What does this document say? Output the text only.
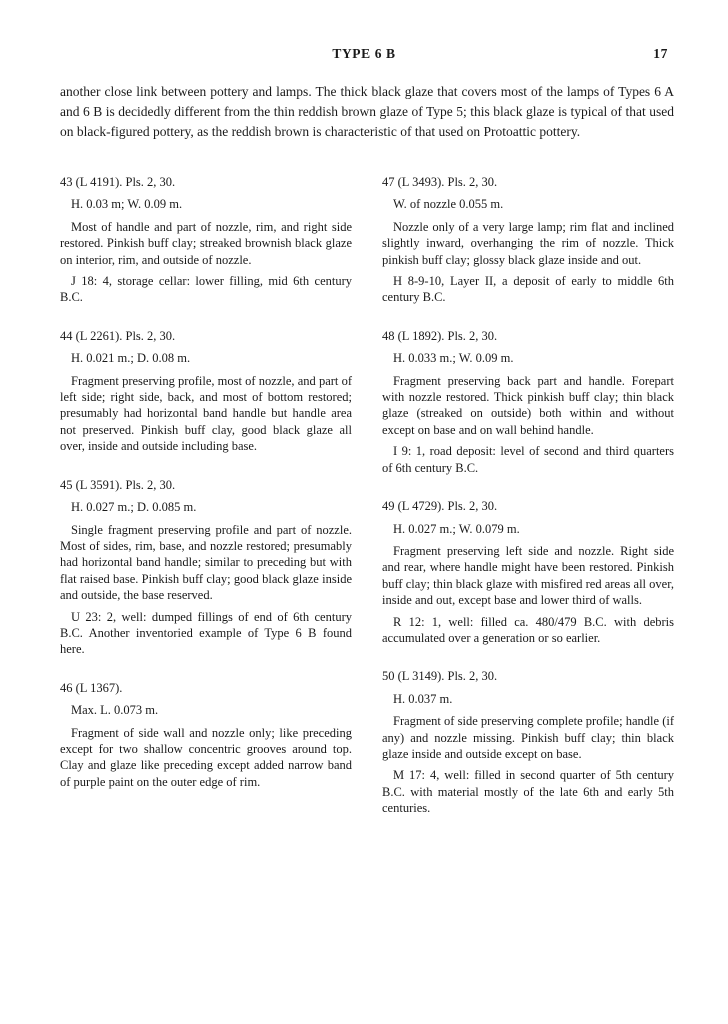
TYPE 6 B	17

another close link between pottery and lamps. The thick black glaze that covers most of the lamps of Types 6 A and 6 B is decidedly different from the thin reddish brown glaze of Type 5; this black glaze is typical of that used on black-figured pottery, as the reddish brown is characteristic of that used on Protoattic pottery.

43 (L 4191). Pls. 2, 30.

H. 0.03 m; W. 0.09 m.

Most of handle and part of nozzle, rim, and right side restored. Pinkish buff clay; streaked brownish black glaze on interior, rim, and outside of nozzle.

J 18: 4, storage cellar: lower filling, mid 6th century B.C.

44 (L 2261). Pls. 2, 30.

H. 0.021 m.; D. 0.08 m.

Fragment preserving profile, most of nozzle, and part of left side; right side, back, and most of bottom restored; presumably had horizontal band handle but handle area not preserved. Pinkish buff clay, good black glaze all over, inside and outside including base.

45 (L 3591). Pls. 2, 30.

H. 0.027 m.; D. 0.085 m.

Single fragment preserving profile and part of nozzle. Most of sides, rim, base, and nozzle restored; presumably had horizontal band handle; similar to preceding but with flat raised base. Pinkish buff clay; good black glaze inside and outside, the base reserved.

U 23: 2, well: dumped fillings of end of 6th century B.C. Another inventoried example of Type 6 B found here.

46 (L 1367).

Max. L. 0.073 m.

Fragment of side wall and nozzle only; like preceding except for two shallow concentric grooves around top. Clay and glaze like preceding except added narrow band of purple paint on the outer edge of rim.

47 (L 3493). Pls. 2, 30.

W. of nozzle 0.055 m.

Nozzle only of a very large lamp; rim flat and inclined slightly inward, overhanging the rim of nozzle. Thick pinkish buff clay; glossy black glaze inside and out.

H 8-9-10, Layer II, a deposit of early to middle 6th century B.C.

48 (L 1892). Pls. 2, 30.

H. 0.033 m.; W. 0.09 m.

Fragment preserving back part and handle. Forepart with nozzle restored. Thick pinkish buff clay; thin black glaze (streaked on outside) both within and without except on base and on wall behind handle.

I 9: 1, road deposit: level of second and third quarters of 6th century B.C.

49 (L 4729). Pls. 2, 30.

H. 0.027 m.; W. 0.079 m.

Fragment preserving left side and nozzle. Right side and rear, where handle might have been restored. Pinkish buff clay; thin black glaze with misfired red areas all over, inside and out, except base and lower third of walls.

R 12: 1, well: filled ca. 480/479 B.C. with debris accumulated over a generation or so earlier.

50 (L 3149). Pls. 2, 30.

H. 0.037 m.

Fragment of side preserving complete profile; handle (if any) and nozzle missing. Pinkish buff clay; thin black glaze inside and outside except on base.

M 17: 4, well: filled in second quarter of 5th century B.C. with material mostly of the late 6th and early 5th centuries.
